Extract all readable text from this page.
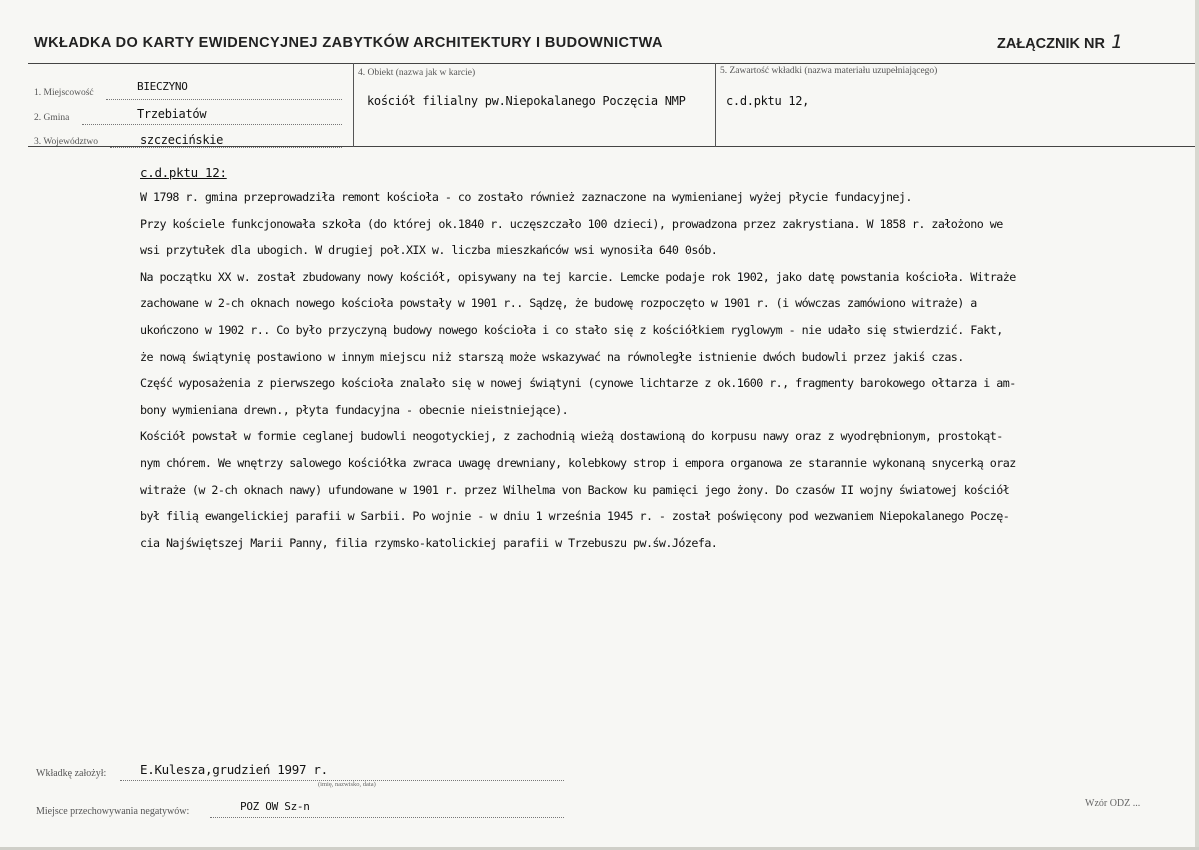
WKŁADKA DO KARTY EWIDENCYJNEJ ZABYTKÓW ARCHITEKTURY I BUDOWNICTWA	ZAŁĄCZNIK NR 1
1. Miejscowość	BIECZYNO
2. Gmina	Trzebiatów
3. Województwo	szczecińskie
4. Obiekt (nazwa jak w karcie)
kościół filialny pw.Niepokalanego Poczęcia NMP
5. Zawartość wkładki (nazwa materiału uzupełniającego)
c.d.pktu 12,
c.d.pktu 12:
W 1798 r. gmina przeprowadziła remont kościoła - co zostało również zaznaczone na wymienianej wyżej płycie fundacyjnej.
Przy kościele funkcjonowała szkoła (do której ok.1840 r. uczęszczało 100 dzieci), prowadzona przez zakrystiana. W 1858 r. założono we
wsi przytułek dla ubogich. W drugiej poł.XIX w. liczba mieszkańców wsi wynosiła 640 0sób.
Na początku XX w. został zbudowany nowy kościół, opisywany na tej karcie. Lemcke podaje rok 1902, jako datę powstania kościoła. Witraże
zachowane w 2-ch oknach nowego kościoła powstały w 1901 r.. Sądzę, że budowę rozpoczęto w 1901 r. (i wówczas zamówiono witraże) a
ukończono w 1902 r.. Co było przyczyną budowy nowego kościoła i co stało się z kościółkiem ryglowym - nie udało się stwierdzić. Fakt,
że nową świątynię postawiono w innym miejscu niż starszą może wskazywać na równoległe istnienie dwóch budowli przez jakiś czas.
Część wyposażenia z pierwszego kościoła znalało się w nowej świątyni (cynowe lichtarze z ok.1600 r., fragmenty barokowego ołtarza i am-
bony wymieniana drewn., płyta fundacyjna - obecnie nieistniejące).
Kościół powstał w formie ceglanej budowli neogotyckiej, z zachodnią wieżą dostawioną do korpusu nawy oraz z wyodrębnionym, prostokąt-
nym chórem. We wnętrzy salowego kościółka zwraca uwagę drewniany, kolebkowy strop i empora organowa ze starannie wykonaną snycerką oraz
witraże (w 2-ch oknach nawy) ufundowane w 1901 r. przez Wilhelma von Backow ku pamięci jego żony. Do czasów II wojny światowej kościół
był filią ewangelickiej parafii w Sarbii. Po wojnie - w dniu 1 września 1945 r. - został poświęcony pod wezwaniem Niepokalanego Poczę-
cia Najświętszej Marii Panny, filia rzymsko-katolickiej parafii w Trzebuszu pw.św.Józefa.
Wkładkę założył:	E.Kulesza,grudzień 1997 r.
(imię, nazwisko, data)
Miejsce przechowywania negatywów:	POZ OW Sz-n	Wzór ODZ ...
